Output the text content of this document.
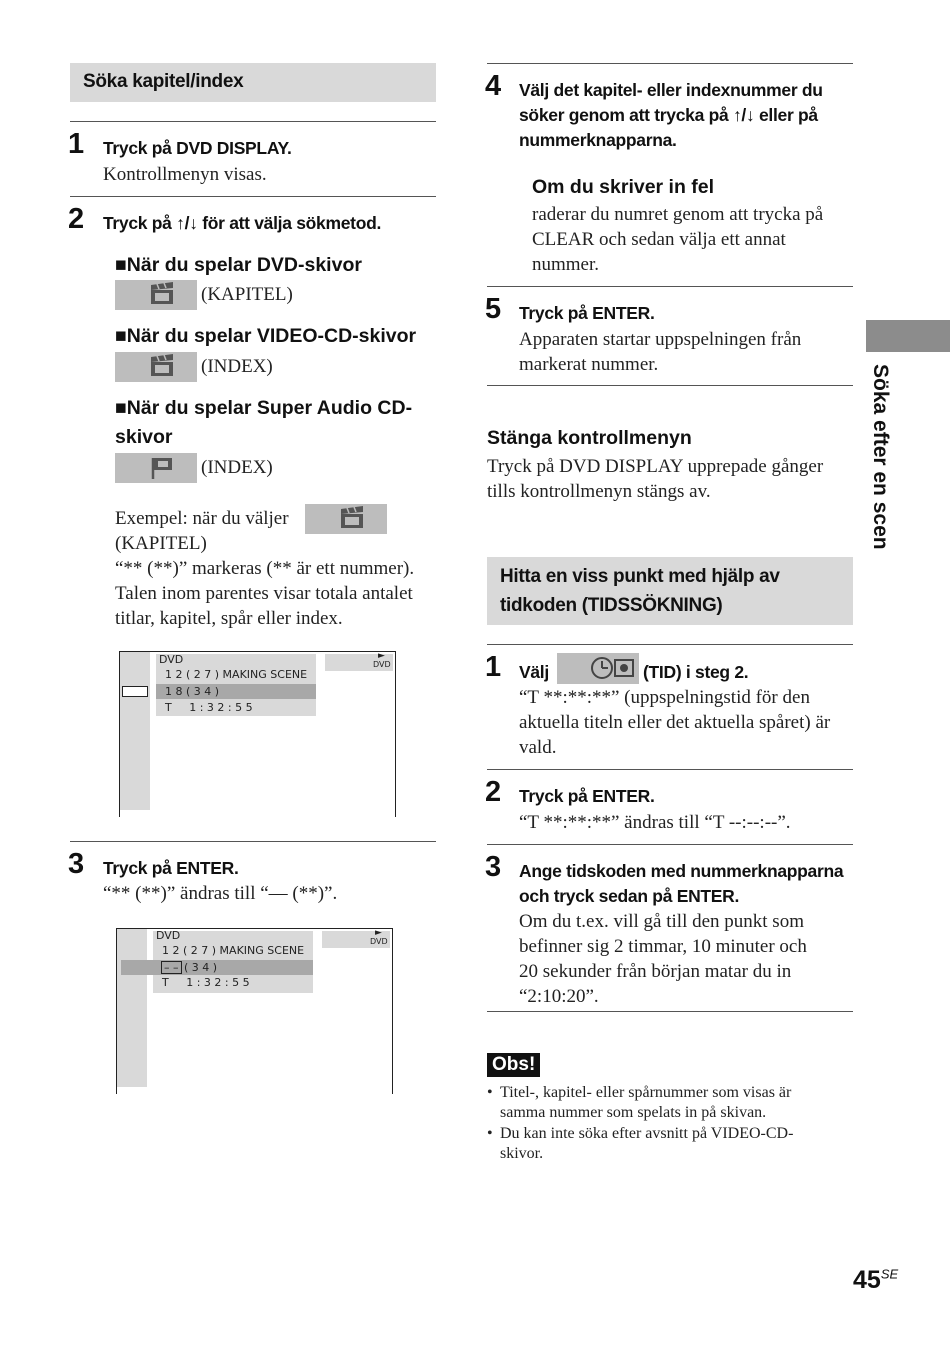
Söka kapitel/index
1 Tryck på DVD DISPLAY.
Kontrollmenyn visas.
2 Tryck på ↑/↓ för att välja sökmetod.
■När du spelar DVD-skivor
(KAPITEL)
■När du spelar VIDEO-CD-skivor
(INDEX)
■När du spelar Super Audio CD-
skivor
(INDEX)
Exempel: när du väljer
(KAPITEL)
“** (**)” markeras (** är ett nummer).
Talen inom parentes visar totala antalet
titlar, kapitel, spår eller index.
DVD
1 2 ( 2 7 ) MAKING SCENE
1 8 ( 3 4 )
T     1 : 3 2 : 5 5
►
DVD
3 Tryck på ENTER.
“** (**)” ändras till “— (**)”.
DVD
1 2 ( 2 7 ) MAKING SCENE
– – ( 3 4 )
T     1 : 3 2 : 5 5
►
DVD
4 Välj det kapitel- eller indexnummer du
söker genom att trycka på ↑/↓ eller på
nummerknapparna.
Om du skriver in fel
raderar du numret genom att trycka på
CLEAR och sedan välja ett annat
nummer.
5 Tryck på ENTER.
Apparaten startar uppspelningen från
markerat nummer.
Stänga kontrollmenyn
Tryck på DVD DISPLAY upprepade gånger
tills kontrollmenyn stängs av.
Hitta en viss punkt med hjälp av
tidkoden (TIDSSÖKNING)
1 Välj	(TID) i steg 2.
“T **:**:**” (uppspelningstid för den
aktuella titeln eller det aktuella spåret) är
vald.
2 Tryck på ENTER.
“T **:**:**” ändras till “T --:--:--”.
3 Ange tidskoden med nummerknapparna
och tryck sedan på ENTER.
Om du t.ex. vill gå till den punkt som
befinner sig 2 timmar, 10 minuter och
20 sekunder från början matar du in
“2:10:20”.
Obs!
• Titel-, kapitel- eller spårnummer som visas är
samma nummer som spelats in på skivan.
• Du kan inte söka efter avsnitt på VIDEO-CD-
skivor.
Söka efter en scen
$45^{SE}$
